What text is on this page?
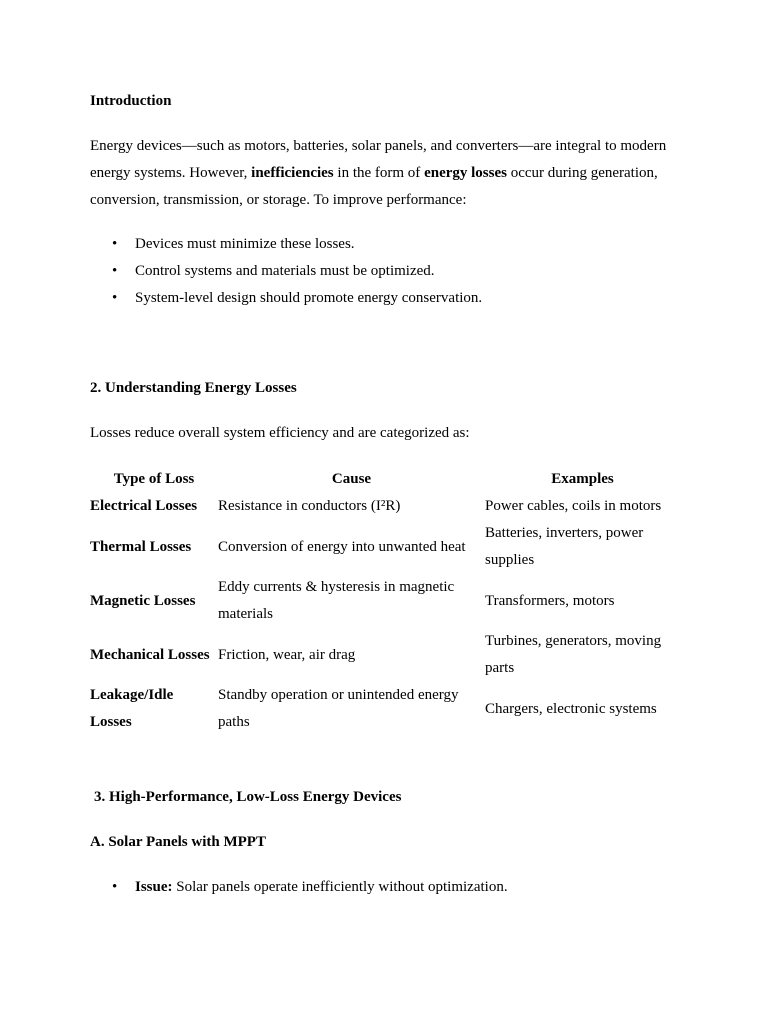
Introduction
Energy devices—such as motors, batteries, solar panels, and converters—are integral to modern energy systems. However, inefficiencies in the form of energy losses occur during generation, conversion, transmission, or storage. To improve performance:
• Devices must minimize these losses.
• Control systems and materials must be optimized.
• System-level design should promote energy conservation.
2. Understanding Energy Losses
Losses reduce overall system efficiency and are categorized as:
Type of Loss	Cause	Examples
Electrical Losses	Resistance in conductors (I²R)	Power cables, coils in motors
Thermal Losses	Conversion of energy into unwanted heat	Batteries, inverters, power supplies
Magnetic Losses	Eddy currents & hysteresis in magnetic materials	Transformers, motors
Mechanical Losses	Friction, wear, air drag	Turbines, generators, moving parts
Leakage/Idle Losses	Standby operation or unintended energy paths	Chargers, electronic systems
3. High-Performance, Low-Loss Energy Devices
A. Solar Panels with MPPT
• Issue: Solar panels operate inefficiently without optimization.
